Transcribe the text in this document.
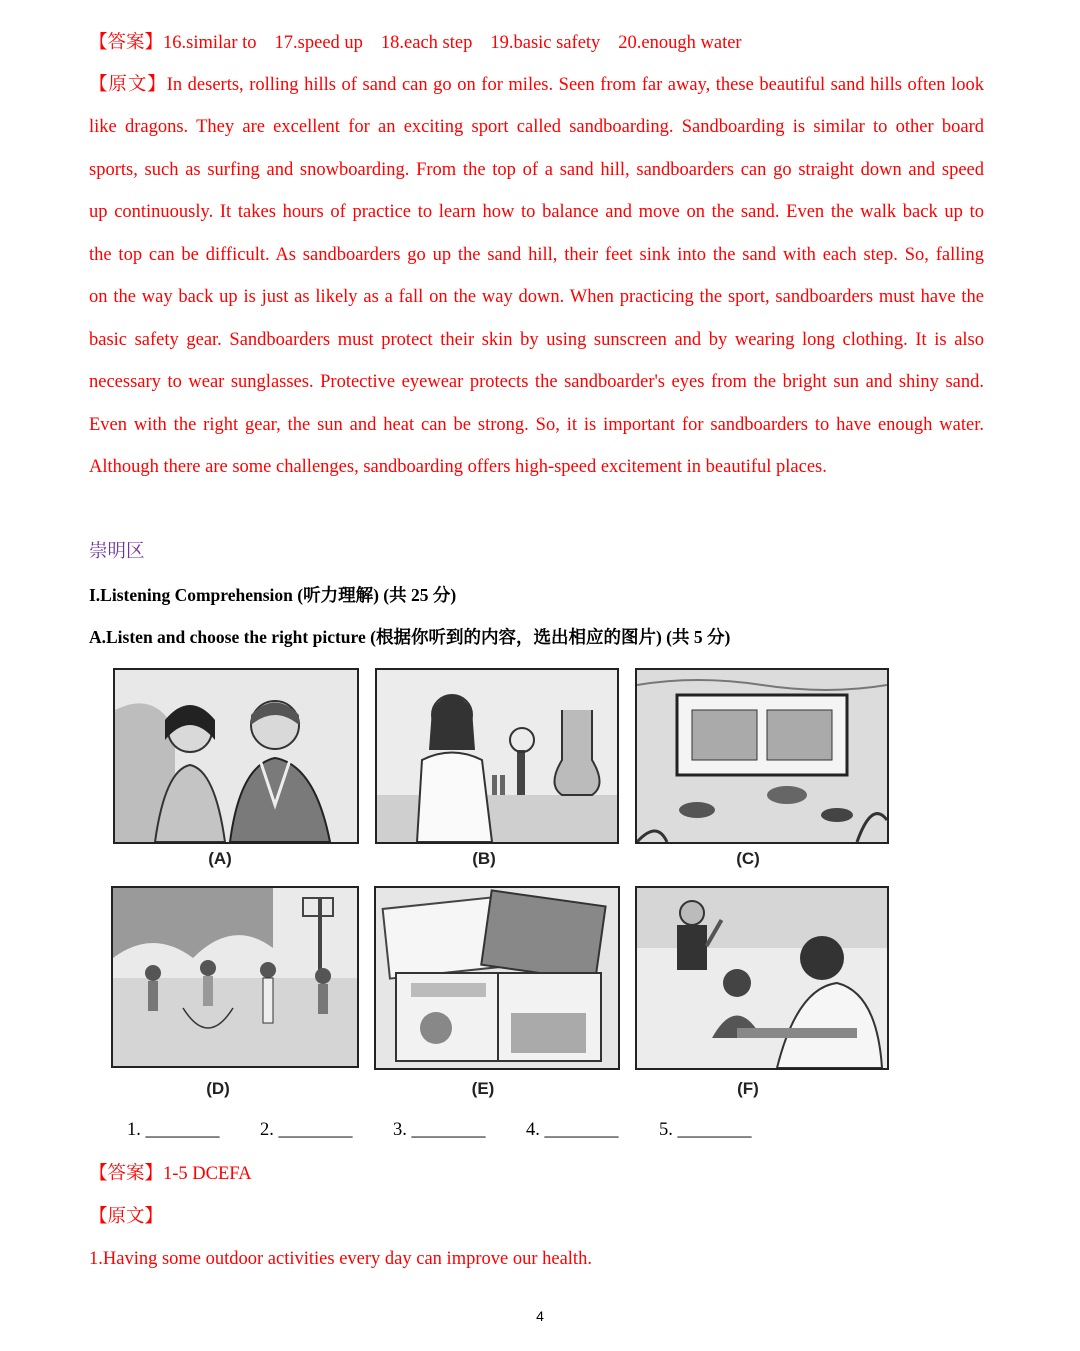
【答案】16.similar to 17.speed up 18.each step 19.basic safety 20.enough water
【原文】In deserts, rolling hills of sand can go on for miles. Seen from far away, these beautiful sand hills often look
like dragons. They are excellent for an exciting sport called sandboarding. Sandboarding is similar to other board
sports, such as surfing and snowboarding. From the top of a sand hill, sandboarders can go straight down and speed
up continuously. It takes hours of practice to learn how to balance and move on the sand. Even the walk back up to
the top can be difficult. As sandboarders go up the sand hill, their feet sink into the sand with each step. So, falling
on the way back up is just as likely as a fall on the way down. When practicing the sport, sandboarders must have the
basic safety gear. Sandboarders must protect their skin by using sunscreen and by wearing long clothing. It is also
necessary to wear sunglasses. Protective eyewear protects the sandboarder's eyes from the bright sun and shiny sand.
Even with the right gear, the sun and heat can be strong. So, it is important for sandboarders to have enough water.
Although there are some challenges, sandboarding offers high-speed excitement in beautiful places.
崇明区
I.Listening Comprehension (听力理解) (共 25 分)
A.Listen and choose the right picture (根据你听到的内容，选出相应的图片) (共 5 分)
(A)	(B)	(C)
(D)	(E)	(F)
1. ________ 2. ________ 3. ________ 4. ________ 5. ________
【答案】1-5 DCEFA
【原文】
1.Having some outdoor activities every day can improve our health.
4
